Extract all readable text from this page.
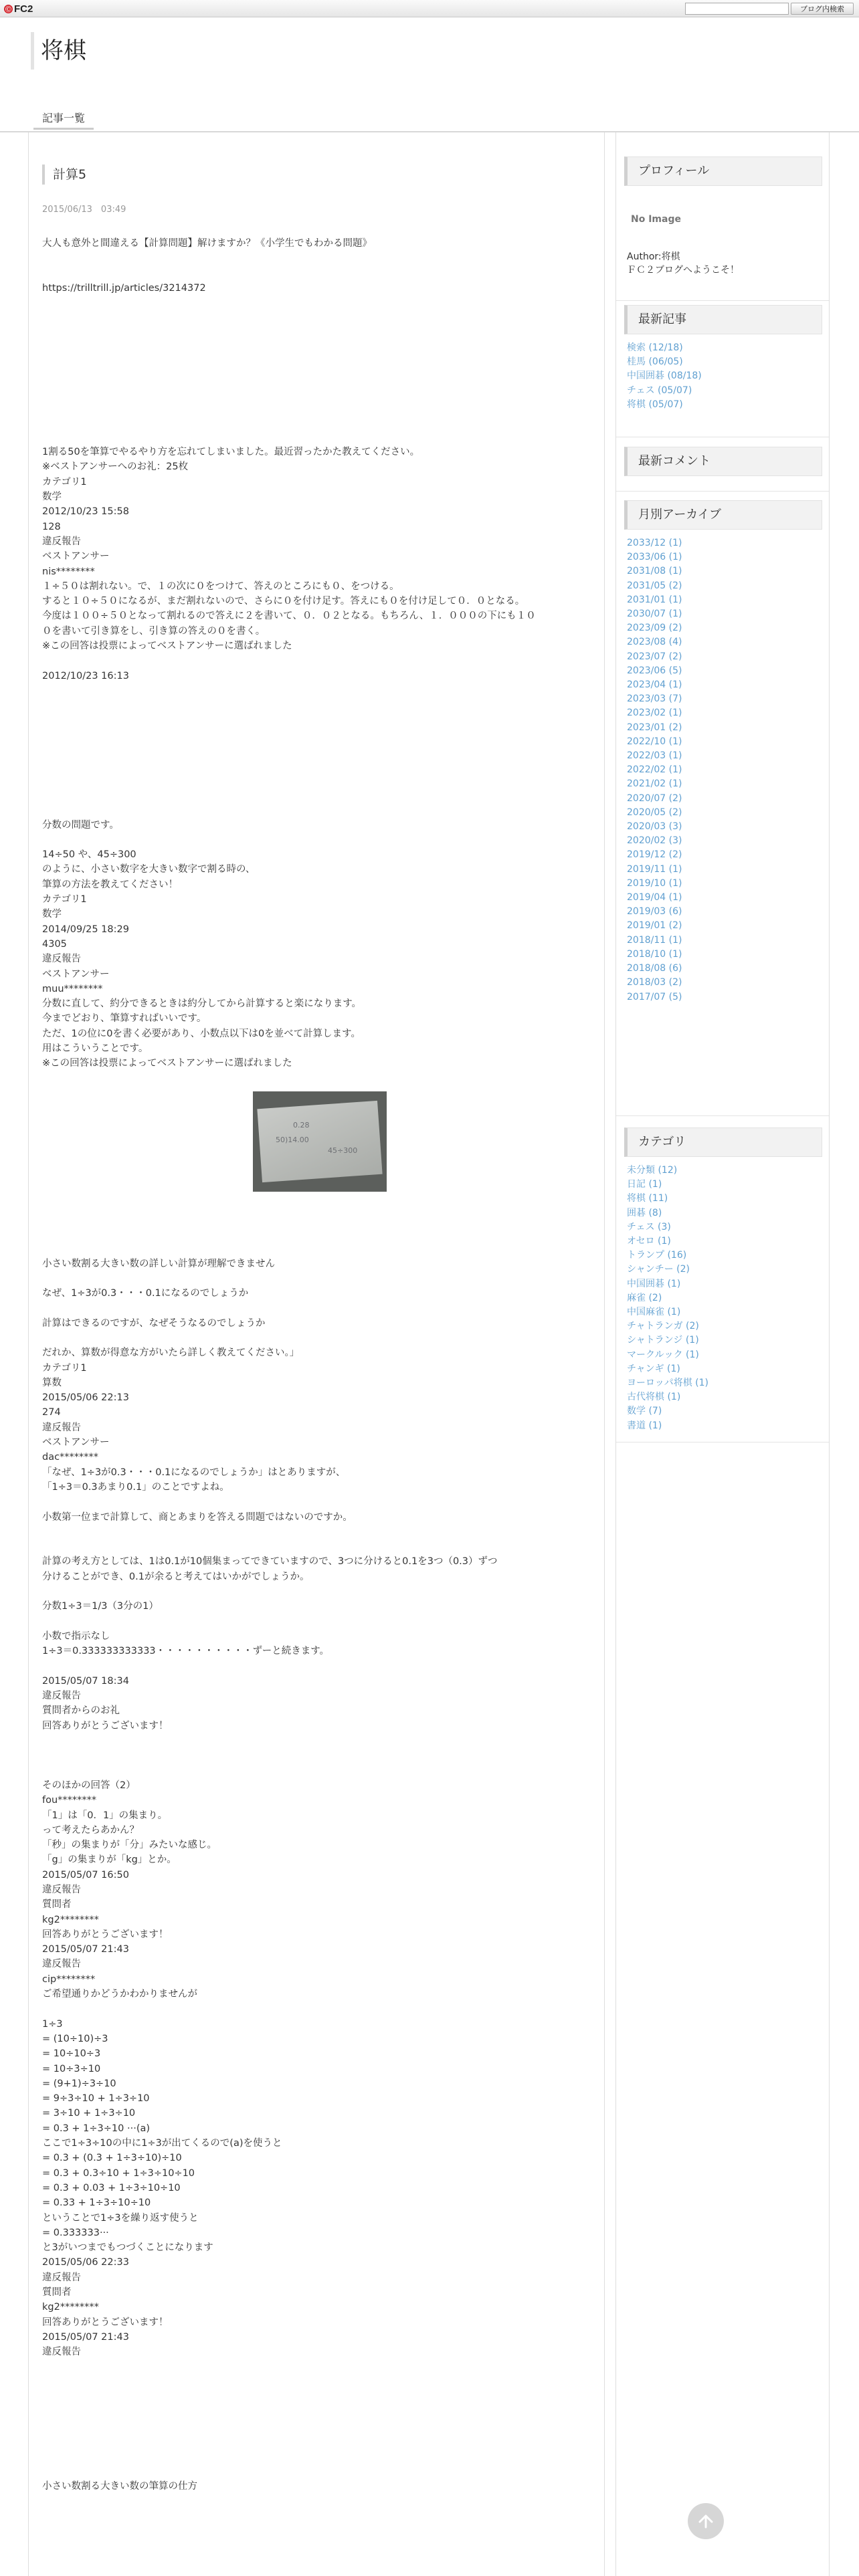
Ⓒ FC2	ブログ内検索
将棋
記事一覧
計算5
2015/06/13　03:49
大人も意外と間違える【計算問題】解けますか？《小学生でもわかる問題》
https://trilltrill.jp/articles/3214372
1割る50を筆算でやるやり方を忘れてしまいました。最近習ったかた教えてください。
※ベストアンサーへのお礼：25枚
カテゴリ1
数学
2012/10/23 15:58
128
違反報告
ベストアンサー
nis********
１÷５０は割れない。で、１の次に０をつけて、答えのところにも０、をつける。
すると１０÷５０になるが、まだ割れないので、さらに０を付け足す。答えにも０を付け足して０．０となる。
今度は１００÷５０となって割れるので答えに２を書いて、０．０２となる。もちろん、１．０００の下にも１０
０を書いて引き算をし、引き算の答えの０を書く。
※この回答は投票によってベストアンサーに選ばれました
2012/10/23 16:13
分数の問題です。
14÷50 や、45÷300
のように、小さい数字を大きい数字で割る時の、
筆算の方法を教えてください！
カテゴリ1
数学
2014/09/25 18:29
4305
違反報告
ベストアンサー
muu********
分数に直して、約分できるときは約分してから計算すると楽になります。
今までどおり、筆算すればいいです。
ただ、1の位に0を書く必要があり、小数点以下は0を並べて計算します。
用はこういうことです。
※この回答は投票によってベストアンサーに選ばれました
0.28
50)14.00
45÷300
小さい数割る大きい数の詳しい計算が理解できません
なぜ、1÷3が0.3・・・0.1になるのでしょうか
計算はできるのですが、なぜそうなるのでしょうか
だれか、算数が得意な方がいたら詳しく教えてください。」
カテゴリ1
算数
2015/05/06 22:13
274
違反報告
ベストアンサー
dac********
「なぜ、1÷3が0.3・・・0.1になるのでしょうか」はとありますが、
「1÷3＝0.3あまり0.1」のことですよね。
小数第一位まで計算して、商とあまりを答える問題ではないのですか。
計算の考え方としては、1は0.1が10個集まってできていますので、3つに分けると0.1を3つ（0.3）ずつ
分けることができ、0.1が余ると考えてはいかがでしょうか。
分数1÷3＝1/3（3分の1）
小数で指示なし
1÷3＝0.333333333333・・・・・・・・・・ずーと続きます。
2015/05/07 18:34
違反報告
質問者からのお礼
回答ありがとうございます！
そのほかの回答（2）
fou********
「1」は「0．1」の集まり。
って考えたらあかん？
「秒」の集まりが「分」みたいな感じ。
「g」の集まりが「kg」とか。
2015/05/07 16:50
違反報告
質問者
kg2********
回答ありがとうございます！
2015/05/07 21:43
違反報告
cip********
ご希望通りかどうかわかりませんが
1÷3
= (10÷10)÷3
= 10÷10÷3
= 10÷3÷10
= (9+1)÷3÷10
= 9÷3÷10 + 1÷3÷10
= 3÷10 + 1÷3÷10
= 0.3 + 1÷3÷10 ···(a)
ここで1÷3÷10の中に1÷3が出てくるので(a)を使うと
= 0.3 + (0.3 + 1÷3÷10)÷10
= 0.3 + 0.3÷10 + 1÷3÷10÷10
= 0.3 + 0.03 + 1÷3÷10÷10
= 0.33 + 1÷3÷10÷10
ということで1÷3を繰り返す使うと
= 0.333333···
と3がいつまでもつづくことになります
2015/05/06 22:33
違反報告
質問者
kg2********
回答ありがとうございます！
2015/05/07 21:43
違反報告
小さい数割る大きい数の筆算の仕方
プロフィール
No Image
Author:将棋
ＦＣ２ブログへようこそ！
最新記事
検索 (12/18)
桂馬 (06/05)
中国囲碁 (08/18)
チェス (05/07)
将棋 (05/07)
最新コメント
月別アーカイブ
2033/12 (1)
2033/06 (1)
2031/08 (1)
2031/05 (2)
2031/01 (1)
2030/07 (1)
2023/09 (2)
2023/08 (4)
2023/07 (2)
2023/06 (5)
2023/04 (1)
2023/03 (7)
2023/02 (1)
2023/01 (2)
2022/10 (1)
2022/03 (1)
2022/02 (1)
2021/02 (1)
2020/07 (2)
2020/05 (2)
2020/03 (3)
2020/02 (3)
2019/12 (2)
2019/11 (1)
2019/10 (1)
2019/04 (1)
2019/03 (6)
2019/01 (2)
2018/11 (1)
2018/10 (1)
2018/08 (6)
2018/03 (2)
2017/07 (5)
カテゴリ
未分類 (12)
日記 (1)
将棋 (11)
囲碁 (8)
チェス (3)
オセロ (1)
トランプ (16)
シャンチー (2)
中国囲碁 (1)
麻雀 (2)
中国麻雀 (1)
チャトランガ (2)
シャトランジ (1)
マークルック (1)
チャンギ (1)
ヨーロッパ将棋 (1)
古代将棋 (1)
数学 (7)
書道 (1)
